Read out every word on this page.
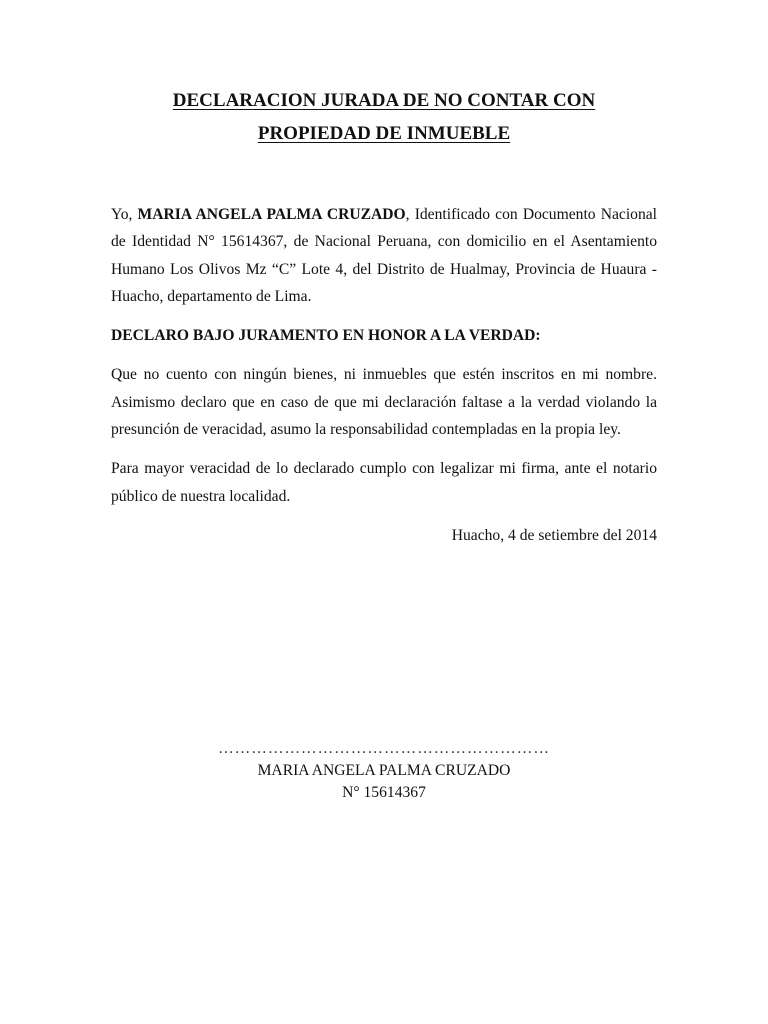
DECLARACION JURADA DE NO CONTAR CON
PROPIEDAD DE INMUEBLE

Yo, MARIA ANGELA PALMA CRUZADO, Identificado con Documento Nacional de Identidad N° 15614367, de Nacional Peruana, con domicilio en el Asentamiento Humano Los Olivos Mz “C” Lote 4, del Distrito de Hualmay, Provincia de Huaura - Huacho, departamento de Lima.

DECLARO BAJO JURAMENTO EN HONOR A LA VERDAD:

Que no cuento con ningún bienes, ni inmuebles que estén inscritos en mi nombre. Asimismo declaro que en caso de que mi declaración faltase a la verdad violando la presunción de veracidad, asumo la responsabilidad contempladas en la propia ley.

Para mayor veracidad de lo declarado cumplo con legalizar mi firma, ante el notario público de nuestra localidad.

Huacho, 4 de setiembre del 2014

……………………………………………………
MARIA ANGELA PALMA CRUZADO
N° 15614367
